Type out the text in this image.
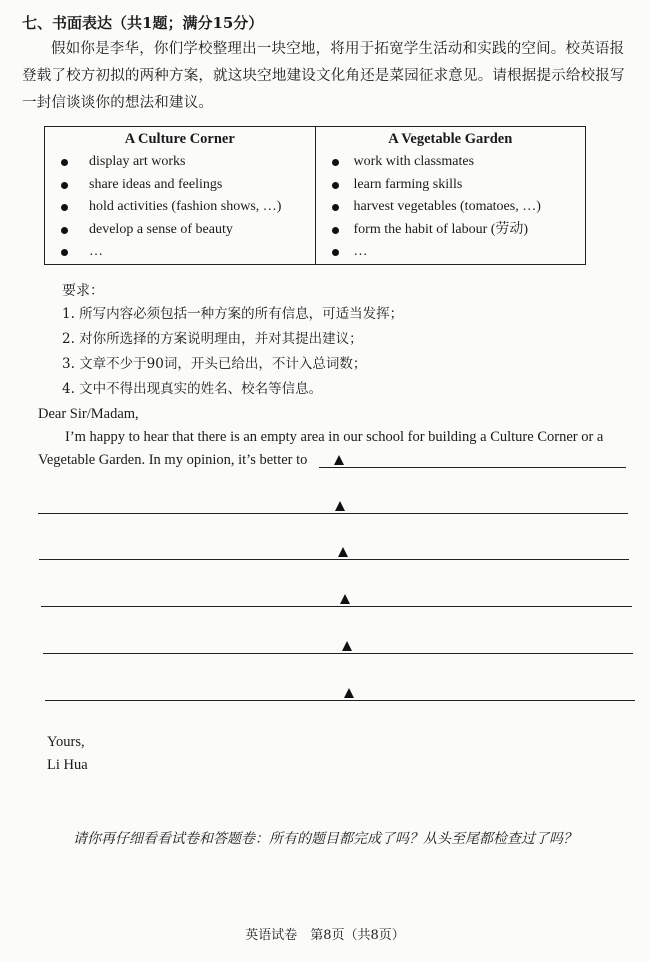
七、书面表达（共1题；满分15分）
假如你是李华，你们学校整理出一块空地，将用于拓宽学生活动和实践的空间。校英语报登载了校方初拟的两种方案，就这块空地建设文化角还是菜园征求意见。请根据提示给校报写一封信谈谈你的想法和建议。
A Culture Corner
display art works
share ideas and feelings
hold activities (fashion shows, …)
develop a sense of beauty
…

A Vegetable Garden
work with classmates
learn farming skills
harvest vegetables (tomatoes, …)
form the habit of labour (劳动)
…
要求：
1. 所写内容必须包括一种方案的所有信息，可适当发挥；
2. 对你所选择的方案说明理由，并对其提出建议；
3. 文章不少于90词，开头已给出，不计入总词数；
4. 文中不得出现真实的姓名、校名等信息。
Dear Sir/Madam,
I’m happy to hear that there is an empty area in our school for building a Culture Corner or a
Vegetable Garden. In my opinion, it’s better to
Yours,
Li Hua
请你再仔细看看试卷和答题卷：所有的题目都完成了吗？从头至尾都检查过了吗？
英语试卷　第8页（共8页）
